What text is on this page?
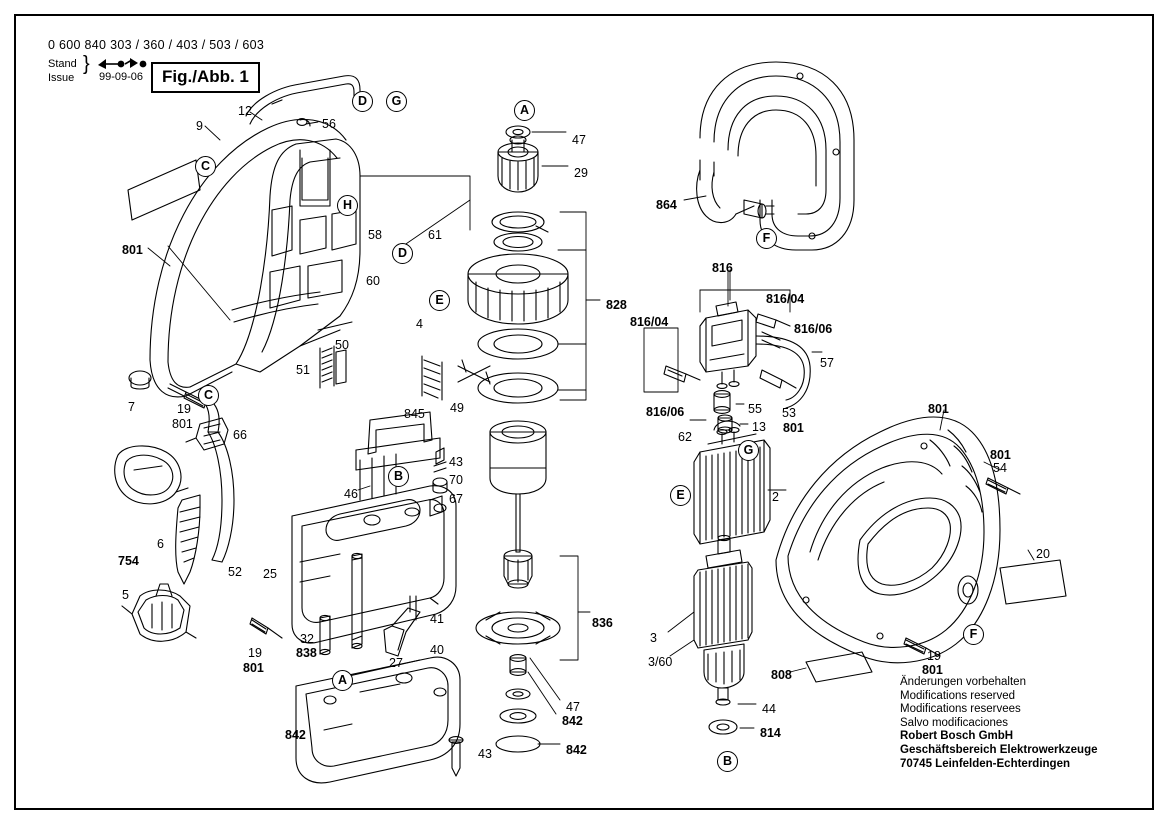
0 600 840 303 / 360 / 403 / 503 / 603
Stand
Issue
}
99-09-06	Fig./Abb. 1
9
12
56
801
58	61
60
4
7	19
801
66
51
50
845 49
46
43
70
67
754
6
5
52 25
32
838
27
41
40
19
801
842
43
47
29
828
836
47
842
842
864
816
816/04
816/04	816/06
816/06
57
55 53
13 801
62
2
3
3/60
44
814
808
801
801
54
20
19
801
C
H
D	G
D
E
C
B
A
A
B
E
G
F
F
Änderungen vorbehalten
Modifications reserved
Modifications reservees
Salvo modificaciones
Robert Bosch GmbH
Geschäftsbereich Elektrowerkzeuge
70745 Leinfelden-Echterdingen
